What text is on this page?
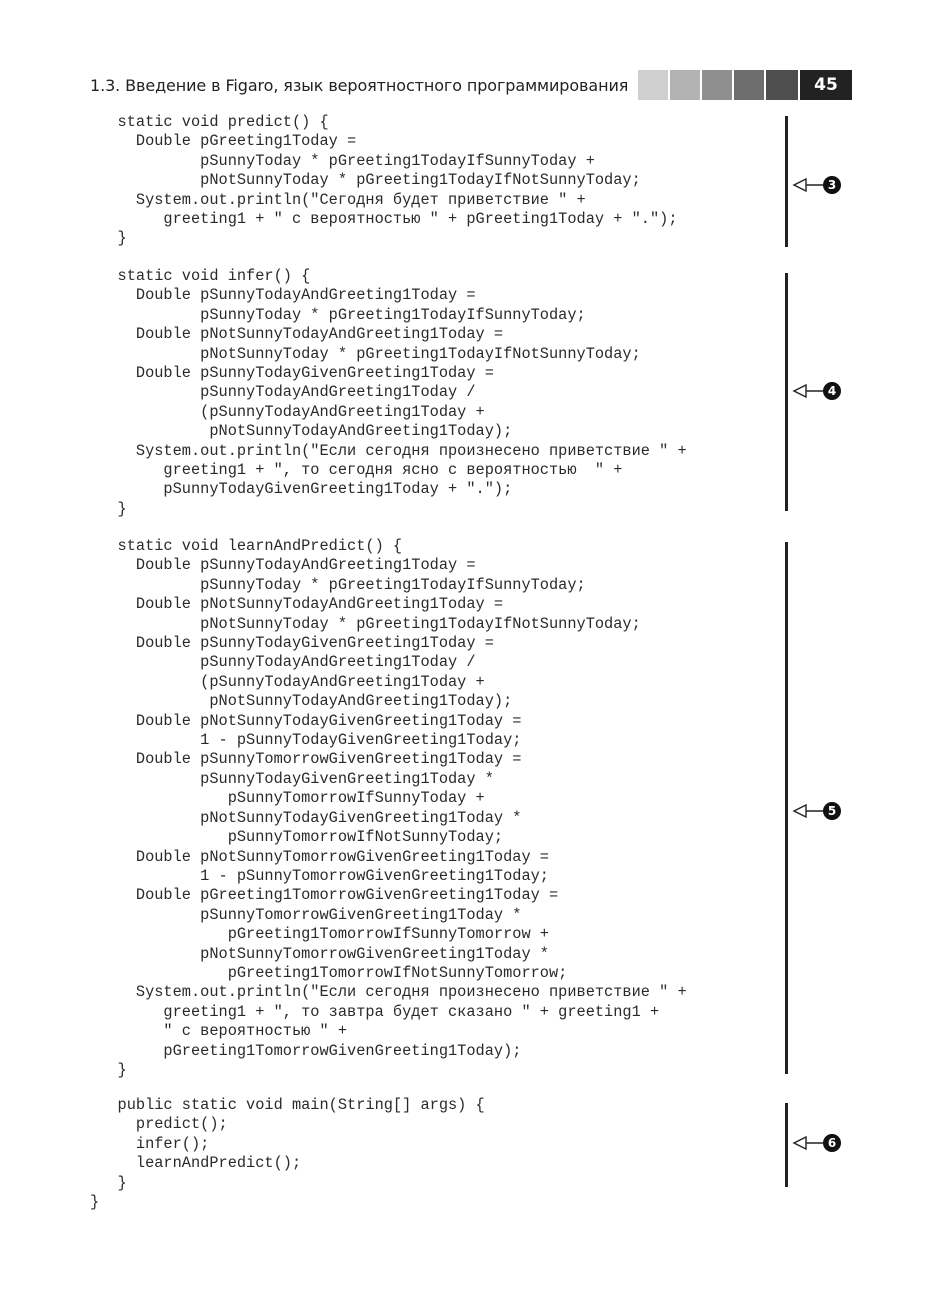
1.3. Введение в Figaro, язык вероятностного программирования	45
static void predict() {
Double pGreeting1Today =
pSunnyToday * pGreeting1TodayIfSunnyToday +
pNotSunnyToday * pGreeting1TodayIfNotSunnyToday;
System.out.println("Сегодня будет приветствие " +
greeting1 + " с вероятностью " + pGreeting1Today + ".");
}
static void infer() {
Double pSunnyTodayAndGreeting1Today =
pSunnyToday * pGreeting1TodayIfSunnyToday;
Double pNotSunnyTodayAndGreeting1Today =
pNotSunnyToday * pGreeting1TodayIfNotSunnyToday;
Double pSunnyTodayGivenGreeting1Today =
pSunnyTodayAndGreeting1Today /
(pSunnyTodayAndGreeting1Today +
pNotSunnyTodayAndGreeting1Today);
System.out.println("Если сегодня произнесено приветствие " +
greeting1 + ", то сегодня ясно с вероятностью  " +
pSunnyTodayGivenGreeting1Today + ".");
}
static void learnAndPredict() {
Double pSunnyTodayAndGreeting1Today =
pSunnyToday * pGreeting1TodayIfSunnyToday;
Double pNotSunnyTodayAndGreeting1Today =
pNotSunnyToday * pGreeting1TodayIfNotSunnyToday;
Double pSunnyTodayGivenGreeting1Today =
pSunnyTodayAndGreeting1Today /
(pSunnyTodayAndGreeting1Today +
pNotSunnyTodayAndGreeting1Today);
Double pNotSunnyTodayGivenGreeting1Today =
1 - pSunnyTodayGivenGreeting1Today;
Double pSunnyTomorrowGivenGreeting1Today =
pSunnyTodayGivenGreeting1Today *
pSunnyTomorrowIfSunnyToday +
pNotSunnyTodayGivenGreeting1Today *
pSunnyTomorrowIfNotSunnyToday;
Double pNotSunnyTomorrowGivenGreeting1Today =
1 - pSunnyTomorrowGivenGreeting1Today;
Double pGreeting1TomorrowGivenGreeting1Today =
pSunnyTomorrowGivenGreeting1Today *
pGreeting1TomorrowIfSunnyTomorrow +
pNotSunnyTomorrowGivenGreeting1Today *
pGreeting1TomorrowIfNotSunnyTomorrow;
System.out.println("Если сегодня произнесено приветствие " +
greeting1 + ", то завтра будет сказано " + greeting1 +
" с вероятностью " +
pGreeting1TomorrowGivenGreeting1Today);
}
public static void main(String[] args) {
predict();
infer();
learnAndPredict();
}
}
3
4
5
6
